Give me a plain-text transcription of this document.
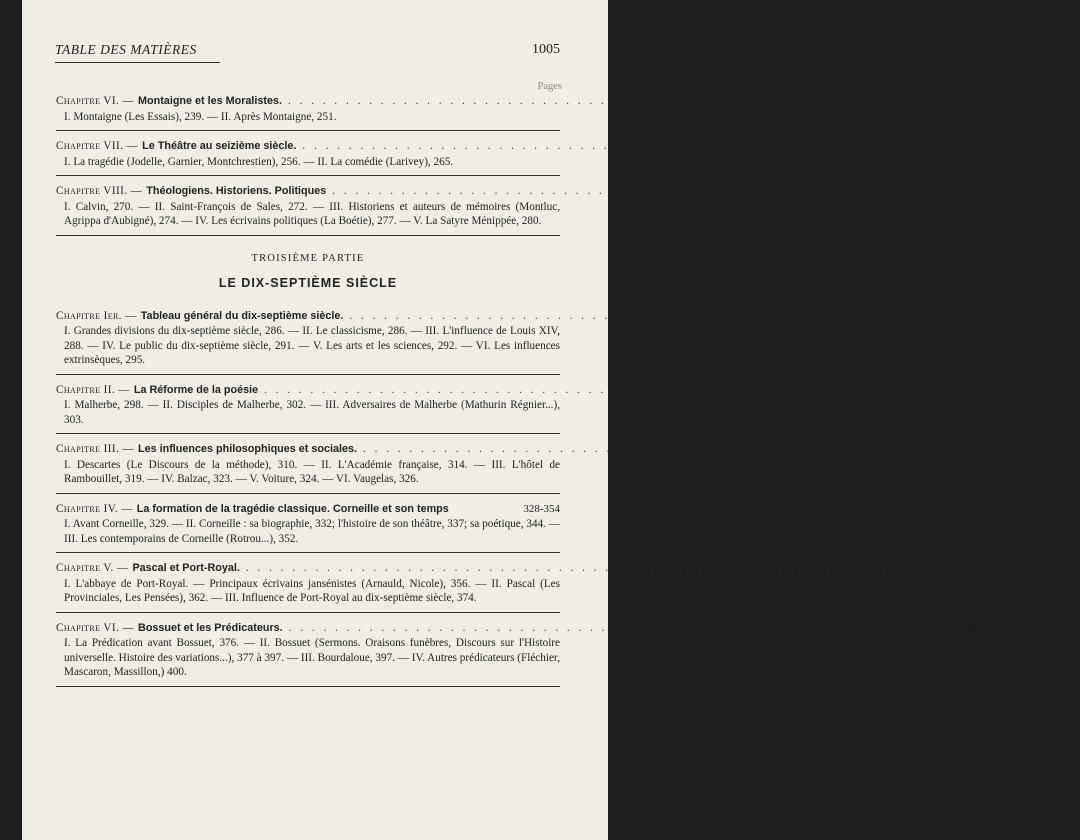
TABLE DES MATIÈRES	1005
Pages
Chapitre VI. — Montaigne et les Moralistes. . . . . . . . . . . . . . . . . . . . . . . . . . . . . . . . . . . . . . . . . . . . . . . . . . . . . . . . . .	238-254
I. Montaigne (Les Essais), 239. — II. Après Montaigne, 251.
Chapitre VII. — Le Théâtre au seizième siècle. . . . . . . . . . . . . . . . . . . . . . . . . . . . . . . . . . . . . . . . . . . . . . . . . . . . . . . . . .	255-268
I. La tragédie (Jodelle, Garnier, Montchrestien), 256. — II. La comédie (Larivey), 265.
Chapitre VIII. — Théologiens. Historiens. Politiques . . . . . . . . . . . . . . . . . . . . . . . . . . . . . . . . . . . . . . . . . . . . . . . . . . . . . . . . .	269-283
I. Calvin, 270. — II. Saint-François de Sales, 272. — III. Historiens et auteurs de mémoires (Montluc, Agrippa d'Aubigné), 274. — IV. Les écrivains politiques (La Boétie), 277. — V. La Satyre Ménippée, 280.
TROISIÈME PARTIE
LE DIX-SEPTIÈME SIÈCLE
Chapitre Ier. — Tableau général du dix-septième siècle. . . . . . . . . . . . . . . . . . . . . . . . . . . . . . . . . . . . . . . . . . . . . . . . . . . . . . . . . .	285-296
I. Grandes divisions du dix-septième siècle, 286. — II. Le classicisme, 286. — III. L'influence de Louis XIV, 288. — IV. Le public du dix-septième siècle, 291. — V. Les arts et les sciences, 292. — VI. Les influences extrinsèques, 295.
Chapitre II. — La Réforme de la poésie . . . . . . . . . . . . . . . . . . . . . . . . . . . . . . . . . . . . . . . . . . . . . . . . . . . . . . . . .	297-308
I. Malherbe, 298. — II. Disciples de Malherbe, 302. — III. Adversaires de Malherbe (Mathurin Régnier...), 303.
Chapitre III. — Les influences philosophiques et sociales. . . . . . . . . . . . . . . . . . . . . . . . . . . . . . . . . . . . . . . . . . . . . . . . . . . . . . . . . .	309-327
I. Descartes (Le Discours de la méthode), 310. — II. L'Académie française, 314. — III. L'hôtel de Rambouillet, 319. — IV. Balzac, 323. — V. Voiture, 324. — VI. Vaugelas, 326.
Chapitre IV. — La formation de la tragédie classique. Corneille et son temps	328-354
I. Avant Corneille, 329. — II. Corneille : sa biographie, 332; l'histoire de son théâtre, 337; sa poétique, 344. — III. Les contemporains de Corneille (Rotrou...), 352.
Chapitre V. — Pascal et Port-Royal. . . . . . . . . . . . . . . . . . . . . . . . . . . . . . . . . . . . . . . . . . . . . . . . . . . . . . . . . .	355-374
I. L'abbaye de Port-Royal. — Principaux écrivains jansénistes (Arnauld, Nicole), 356. — II. Pascal (Les Provinciales, Les Pensées), 362. — III. Influence de Port-Royal au dix-septième siècle, 374.
Chapitre VI. — Bossuet et les Prédicateurs. . . . . . . . . . . . . . . . . . . . . . . . . . . . . . . . . . . . . . . . . . . . . . . . . . . . . . . . . .	375-404
I. La Prédication avant Bossuet, 376. — II. Bossuet (Sermons. Oraisons funèbres, Discours sur l'Histoire universelle. Histoire des variations...), 377 à 397. — III. Bourdaloue, 397. — IV. Autres prédicateurs (Fléchier, Mascaron, Massillon,) 400.
